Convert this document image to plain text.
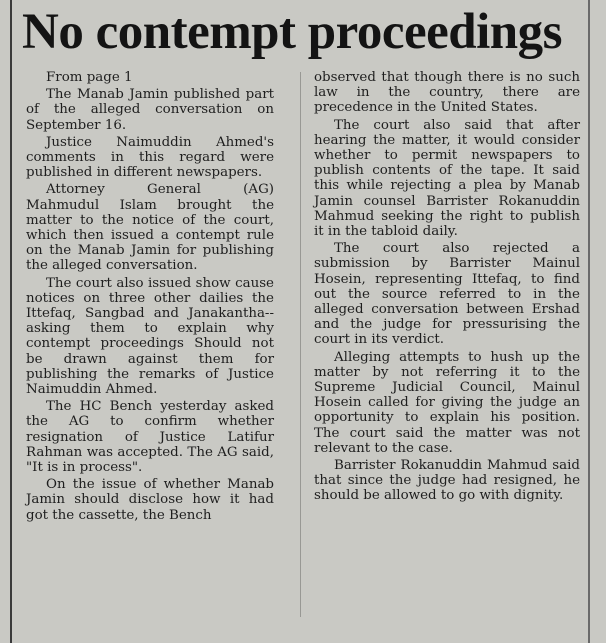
No contempt proceedings

From page 1

The Manab Jamin published part of the alleged conversation on September 16.

Justice Naimuddin Ahmed's comments in this regard were published in different newspapers.

Attorney General (AG) Mahmudul Islam brought the matter to the notice of the court, which then issued a contempt rule on the Manab Jamin for publishing the alleged conversation.

The court also issued show cause notices on three other dailies the Ittefaq, Sangbad and Janakantha-- asking them to explain why contempt proceedings Should not be drawn against them for publishing the remarks of Justice Naimuddin Ahmed.

The HC Bench yesterday asked the AG to confirm whether resignation of Justice Latifur Rahman was accepted. The AG said, "It is in process".

On the issue of whether Manab Jamin should disclose how it had got the cassette, the Bench

observed that though there is no such law in the country, there are precedence in the United States.

The court also said that after hearing the matter, it would consider whether to permit newspapers to publish contents of the tape. It said this while rejecting a plea by Manab Jamin counsel Barrister Rokanuddin Mahmud seeking the right to publish it in the tabloid daily.

The court also rejected a submission by Barrister Mainul Hosein, representing Ittefaq, to find out the source referred to in the alleged conversation between Ershad and the judge for pressurising the court in its verdict.

Alleging attempts to hush up the matter by not referring it to the Supreme Judicial Council, Mainul Hosein called for giving the judge an opportunity to explain his position. The court said the matter was not relevant to the case.

Barrister Rokanuddin Mahmud said that since the judge had resigned, he should be allowed to go with dignity.
